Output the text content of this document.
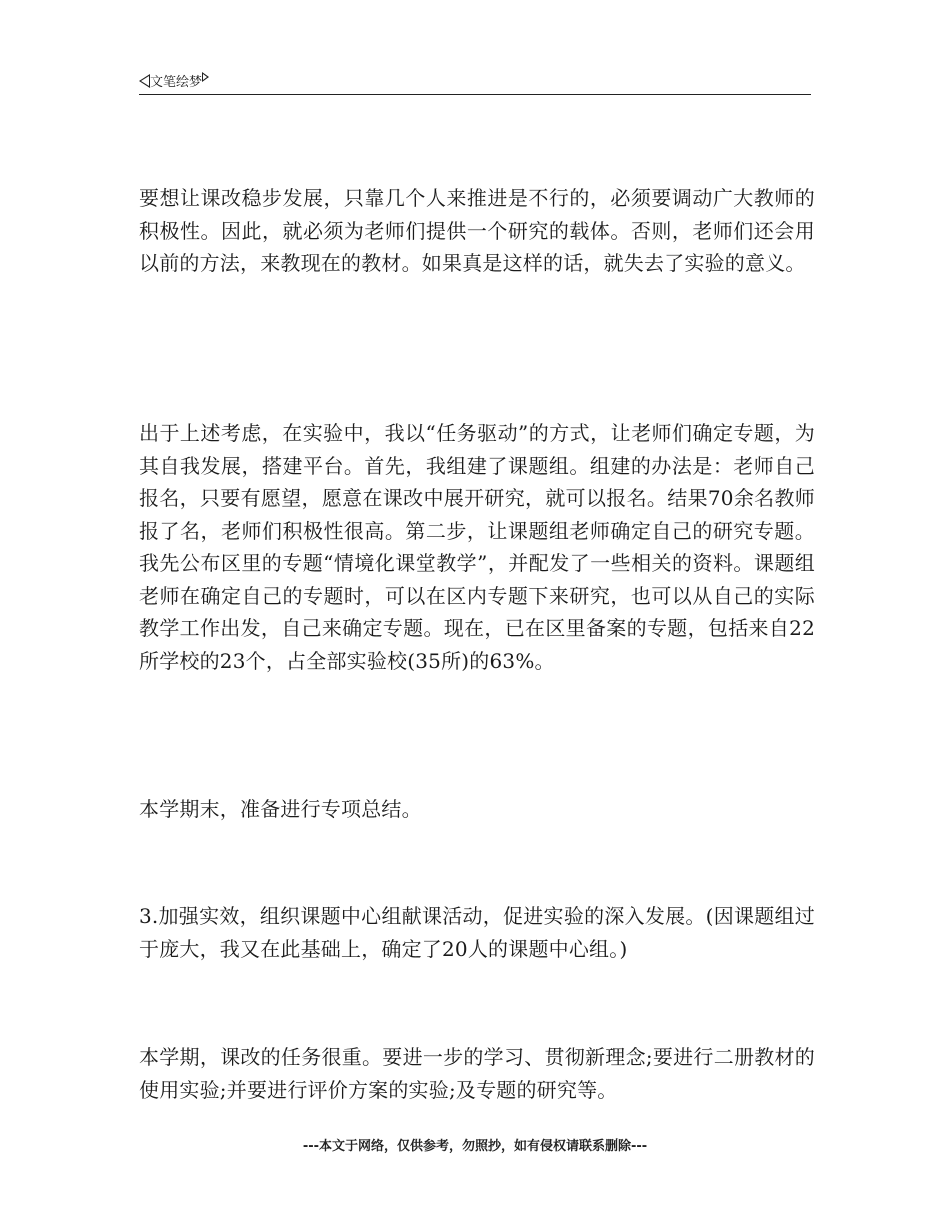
文笔绘梦

要想让课改稳步发展，只靠几个人来推进是不行的，必须要调动广大教师的积极性。因此，就必须为老师们提供一个研究的载体。否则，老师们还会用以前的方法，来教现在的教材。如果真是这样的话，就失去了实验的意义。

出于上述考虑，在实验中，我以“任务驱动”的方式，让老师们确定专题，为其自我发展，搭建平台。首先，我组建了课题组。组建的办法是：老师自己报名，只要有愿望，愿意在课改中展开研究，就可以报名。结果70余名教师报了名，老师们积极性很高。第二步，让课题组老师确定自己的研究专题。我先公布区里的专题“情境化课堂教学”，并配发了一些相关的资料。课题组老师在确定自己的专题时，可以在区内专题下来研究，也可以从自己的实际教学工作出发，自己来确定专题。现在，已在区里备案的专题，包括来自22所学校的23个，占全部实验校(35所)的63%。

本学期末，准备进行专项总结。

3.加强实效，组织课题中心组献课活动，促进实验的深入发展。(因课题组过于庞大，我又在此基础上，确定了20人的课题中心组。)

本学期，课改的任务很重。要进一步的学习、贯彻新理念;要进行二册教材的使用实验;并要进行评价方案的实验;及专题的研究等。

---本文于网络，仅供参考，勿照抄，如有侵权请联系删除---
